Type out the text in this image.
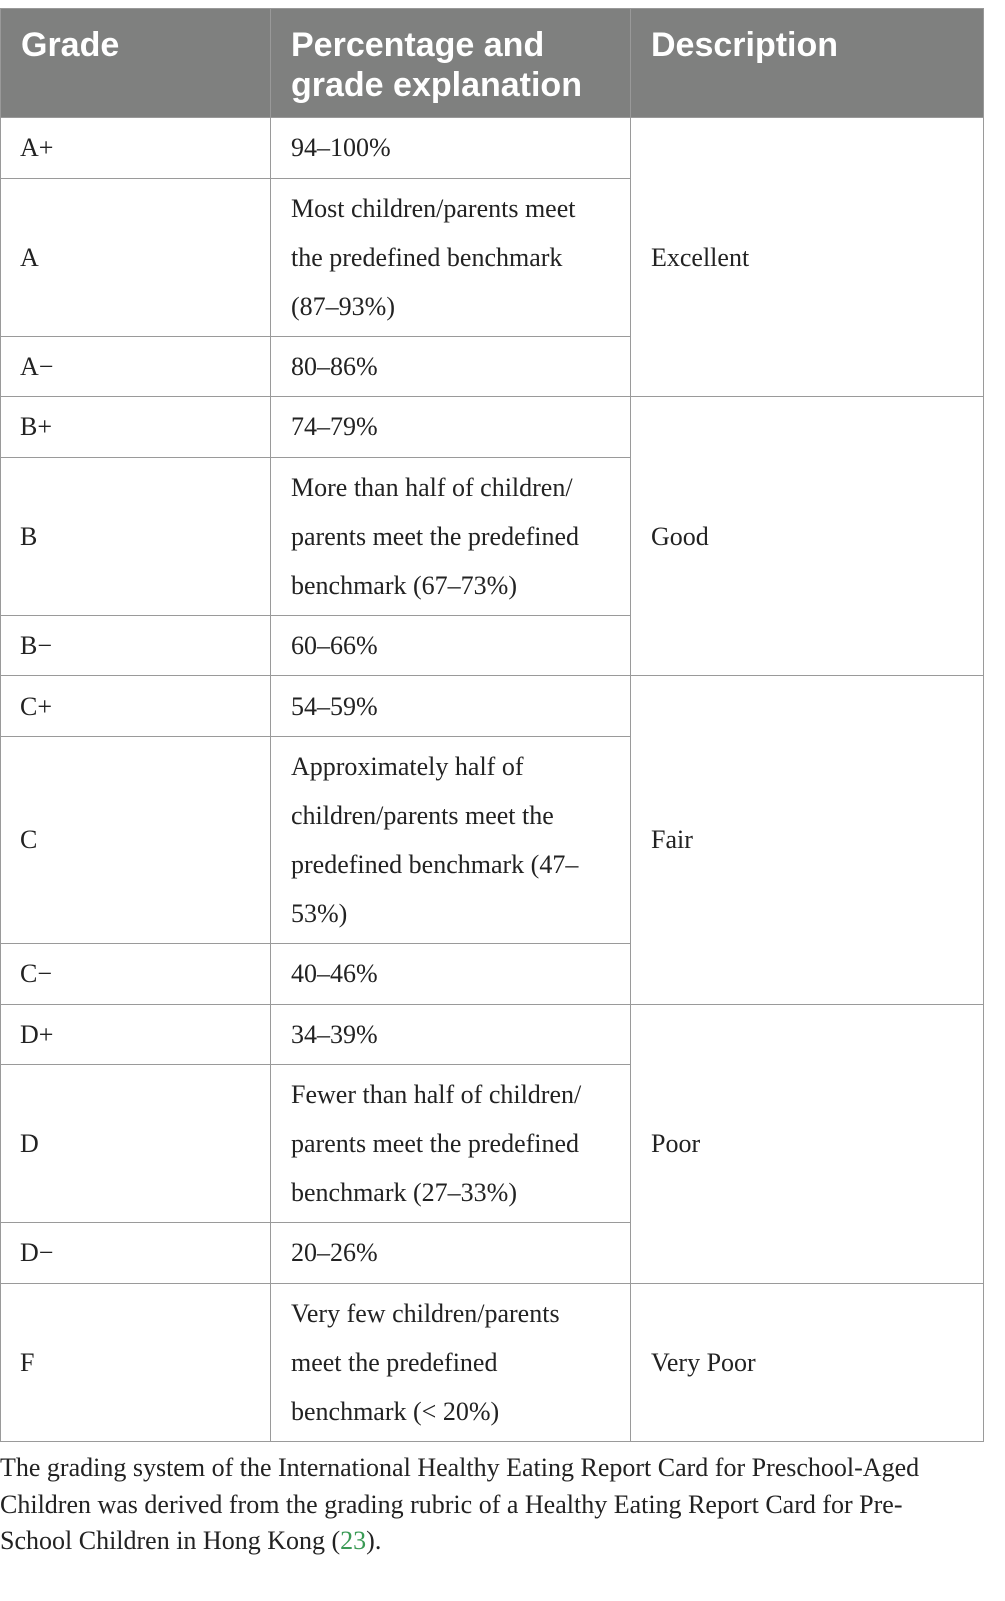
Grade	Percentage and grade explanation	Description
A+	94–100%	Excellent
A	Most children/parents meet the predefined benchmark (87–93%)	
A−	80–86%	
B+	74–79%	Good
B	More than half of children/ parents meet the predefined benchmark (67–73%)	
B−	60–66%	
C+	54–59%	Fair
C	Approximately half of children/parents meet the predefined benchmark (47–53%)	
C−	40–46%	
D+	34–39%	Poor
D	Fewer than half of children/ parents meet the predefined benchmark (27–33%)	
D−	20–26%	
F	Very few children/parents meet the predefined benchmark (< 20%)	Very Poor
The grading system of the International Healthy Eating Report Card for Preschool-Aged Children was derived from the grading rubric of a Healthy Eating Report Card for Pre-School Children in Hong Kong (23).
